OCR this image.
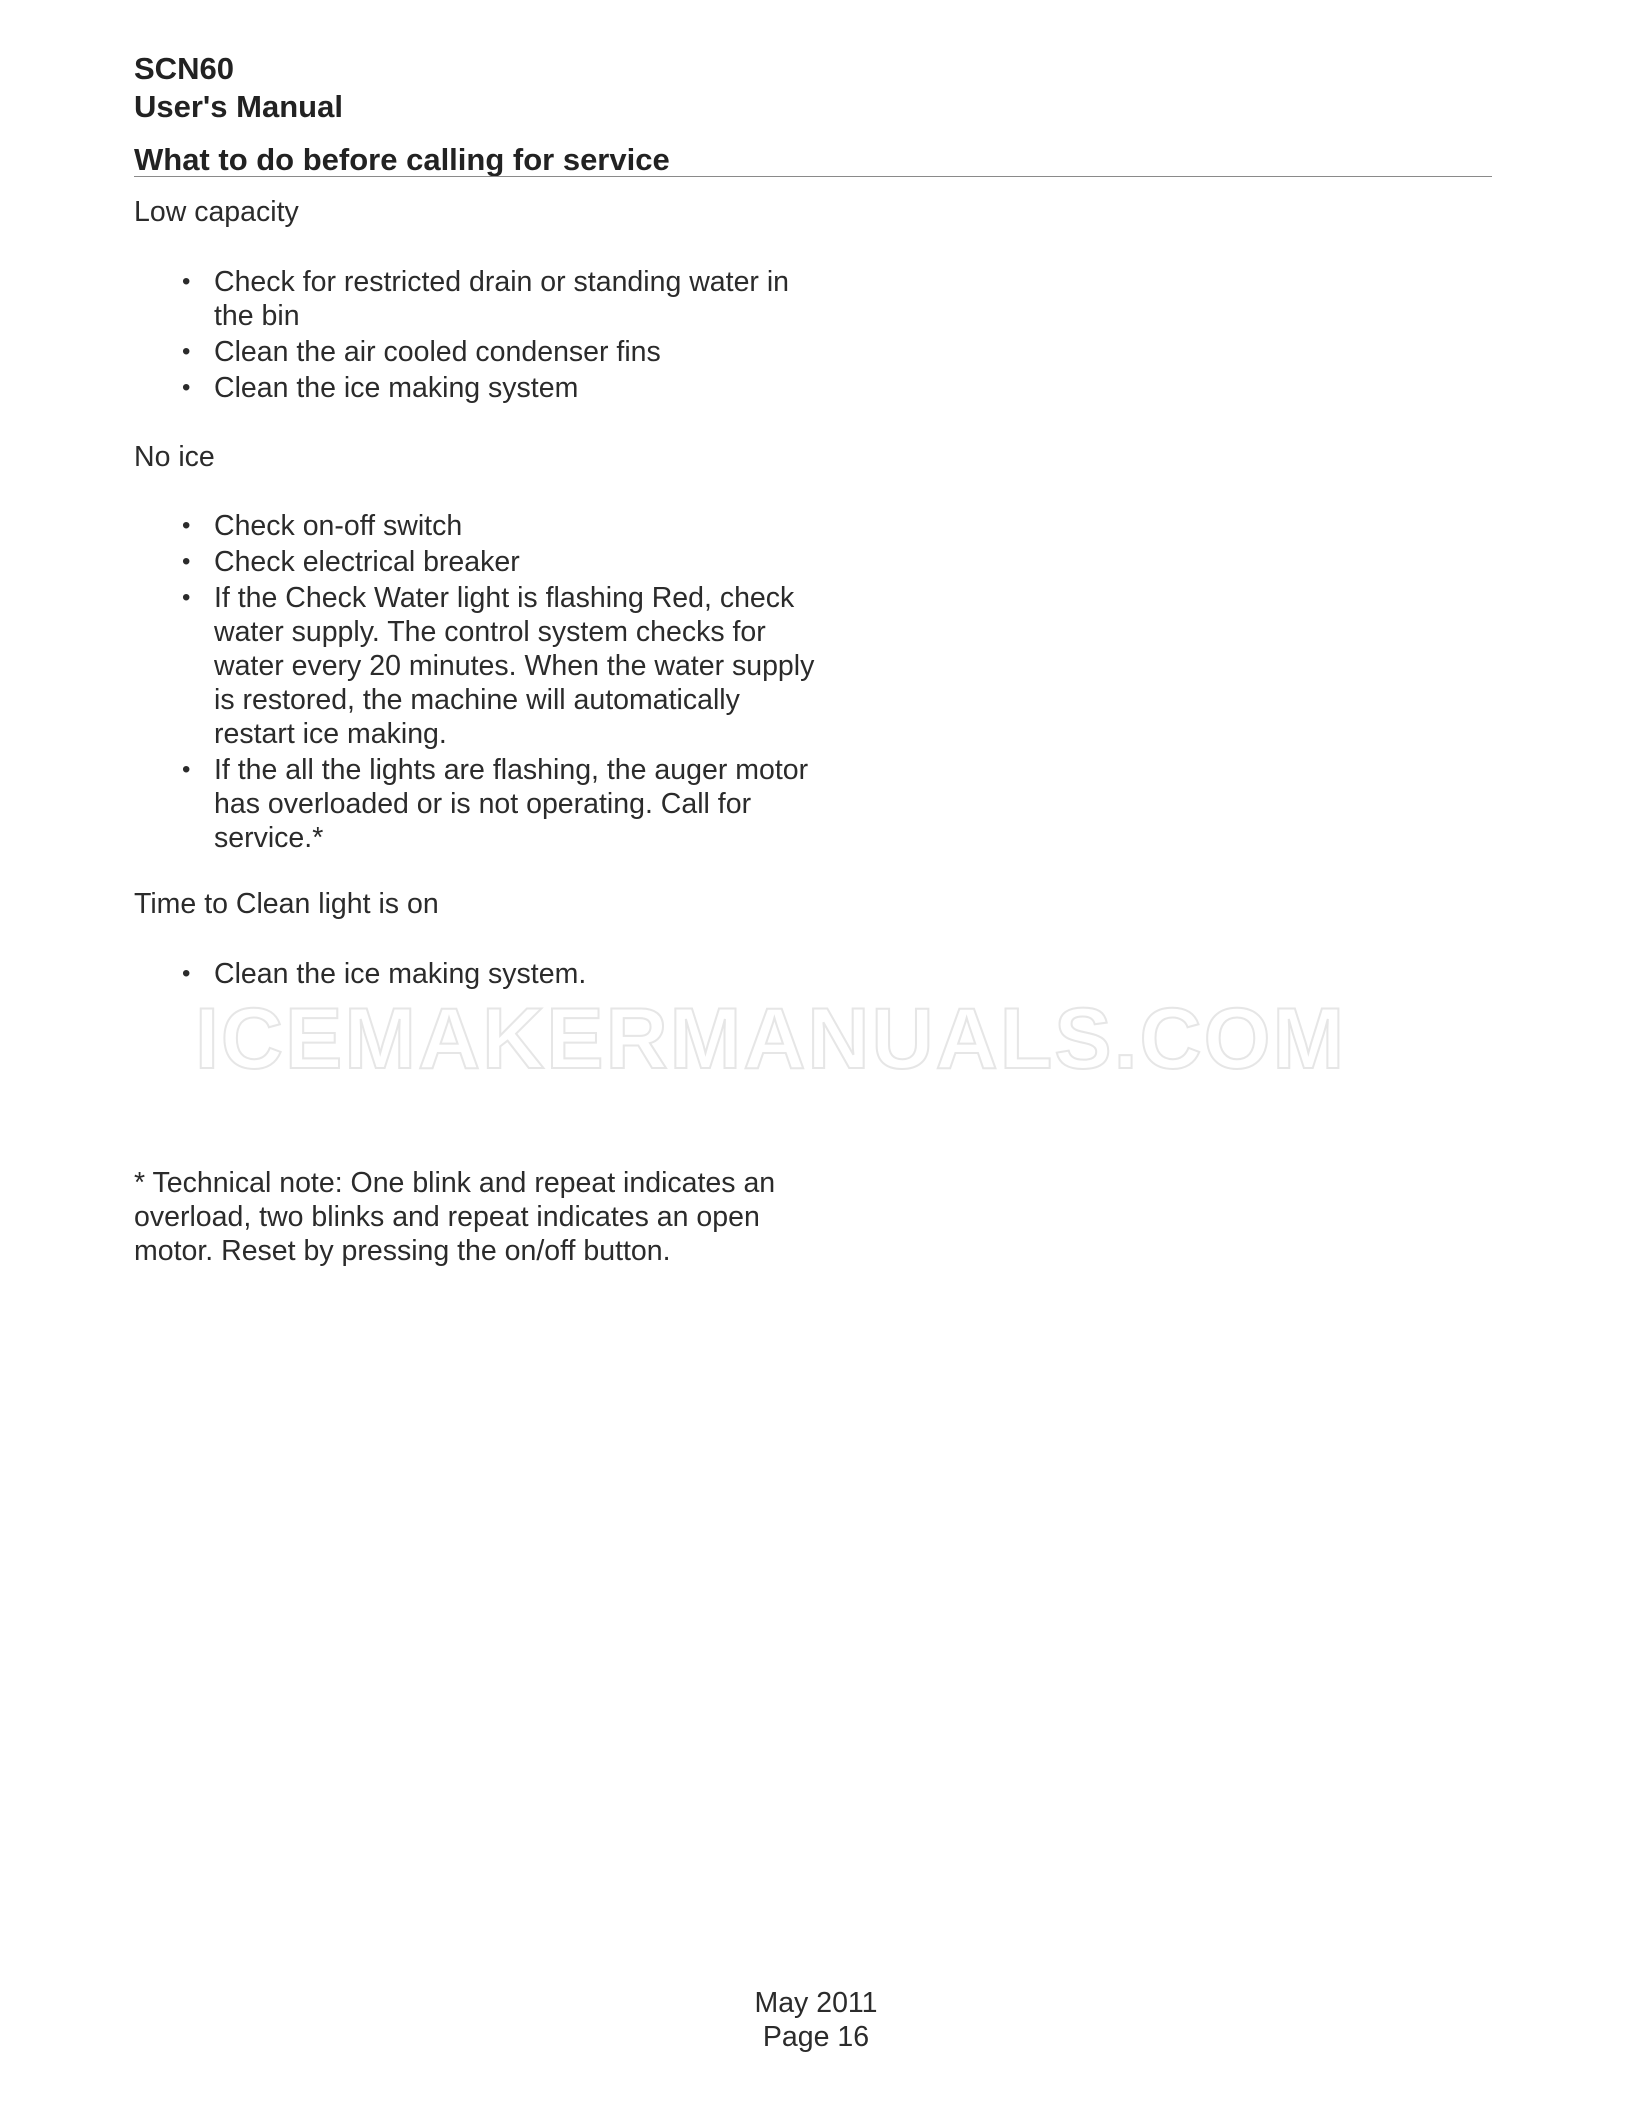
SCN60
User's Manual
What to do before calling for service
Low capacity
• Check for restricted drain or standing water in the bin
• Clean the air cooled condenser fins
• Clean the ice making system
No ice
• Check on-off switch
• Check electrical breaker
• If the Check Water light is flashing Red, check water supply. The control system checks for water every 20 minutes. When the water supply is restored, the machine will automatically restart ice making.
• If the all the lights are flashing, the auger motor has overloaded or is not operating. Call for service.*
Time to Clean light is on
• Clean the ice making system.
ICEMAKERMANUALS.COM
* Technical note: One blink and repeat indicates an overload, two blinks and repeat indicates an open motor. Reset by pressing the on/off button.
May 2011
Page 16
